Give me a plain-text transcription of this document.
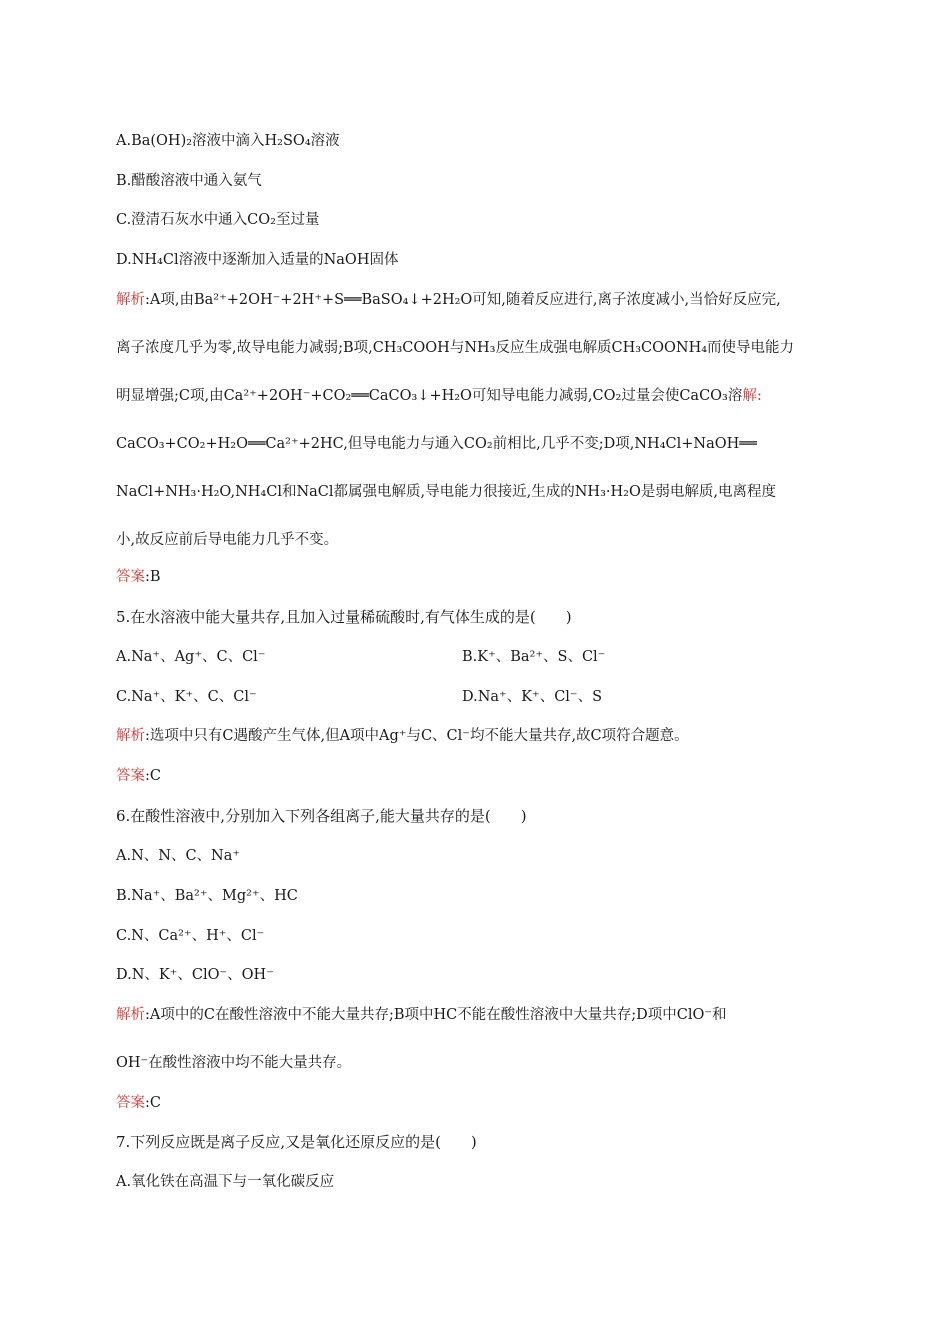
A.Ba(OH)₂溶液中滴入H₂SO₄溶液
B.醋酸溶液中通入氨气
C.澄清石灰水中通入CO₂至过量
D.NH₄Cl溶液中逐渐加入适量的NaOH固体
解析:A项,由Ba²⁺+2OH⁻+2H⁺+S══BaSO₄↓+2H₂O可知,随着反应进行,离子浓度减小,当恰好反应完,
离子浓度几乎为零,故导电能力减弱;B项,CH₃COOH与NH₃反应生成强电解质CH₃COONH₄而使导电能力
明显增强;C项,由Ca²⁺+2OH⁻+CO₂══CaCO₃↓+H₂O可知导电能力减弱,CO₂过量会使CaCO₃溶解:
CaCO₃+CO₂+H₂O══Ca²⁺+2HC,但导电能力与通入CO₂前相比,几乎不变;D项,NH₄Cl+NaOH══
NaCl+NH₃·H₂O,NH₄Cl和NaCl都属强电解质,导电能力很接近,生成的NH₃·H₂O是弱电解质,电离程度
小,故反应前后导电能力几乎不变。
答案:B
5.在水溶液中能大量共存,且加入过量稀硫酸时,有气体生成的是(　　)
A.Na⁺、Ag⁺、C、Cl⁻	B.K⁺、Ba²⁺、S、Cl⁻
C.Na⁺、K⁺、C、Cl⁻	D.Na⁺、K⁺、Cl⁻、S
解析:选项中只有C遇酸产生气体,但A项中Ag⁺与C、Cl⁻均不能大量共存,故C项符合题意。
答案:C
6.在酸性溶液中,分别加入下列各组离子,能大量共存的是(　　)
A.N、N、C、Na⁺
B.Na⁺、Ba²⁺、Mg²⁺、HC
C.N、Ca²⁺、H⁺、Cl⁻
D.N、K⁺、ClO⁻、OH⁻
解析:A项中的C在酸性溶液中不能大量共存;B项中HC不能在酸性溶液中大量共存;D项中ClO⁻和
OH⁻在酸性溶液中均不能大量共存。
答案:C
7.下列反应既是离子反应,又是氧化还原反应的是(　　)
A.氧化铁在高温下与一氧化碳反应
